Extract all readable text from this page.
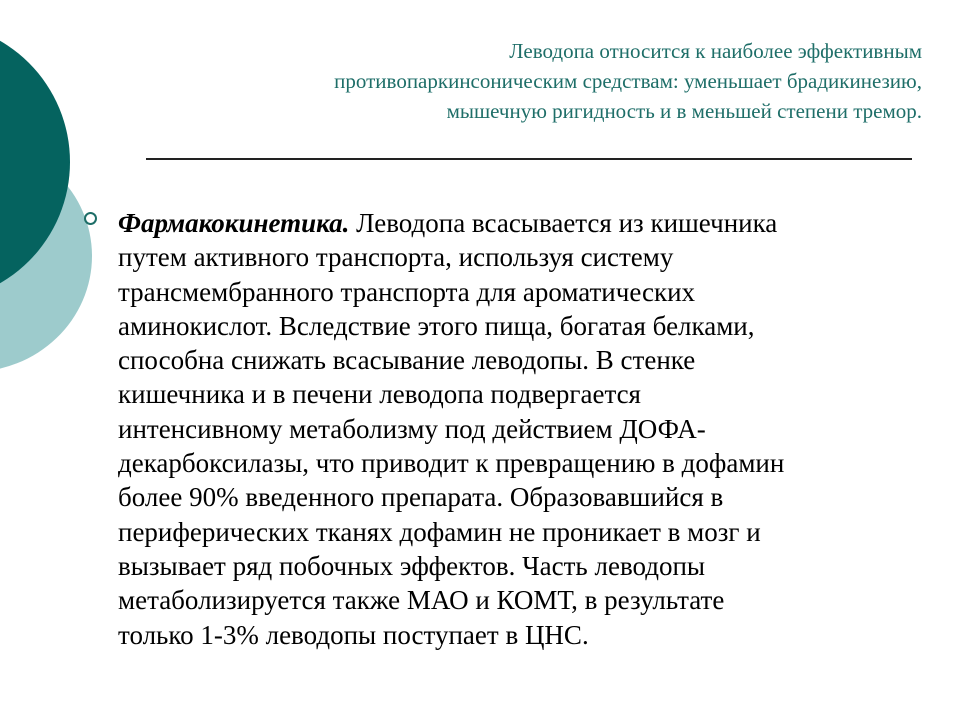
Леводопа относится к наиболее эффективным
противопаркинсоническим средствам: уменьшает брадикинезию,
мышечную ригидность и в меньшей степени тремор.
Фармакокинетика. Леводопа всасывается из кишечника
путем активного транспорта, используя систему
трансмембранного транспорта для ароматических
аминокислот. Вследствие этого пища, богатая белками,
способна снижать всасывание леводопы. В стенке
кишечника и в печени леводопа подвергается
интенсивному метаболизму под действием ДОФА-
декарбоксилазы, что приводит к превращению в дофамин
более 90% введенного препарата. Образовавшийся в
периферических тканях дофамин не проникает в мозг и
вызывает ряд побочных эффектов. Часть леводопы
метаболизируется также МАО и КОМТ, в результате
только 1-3% леводопы поступает в ЦНС.
